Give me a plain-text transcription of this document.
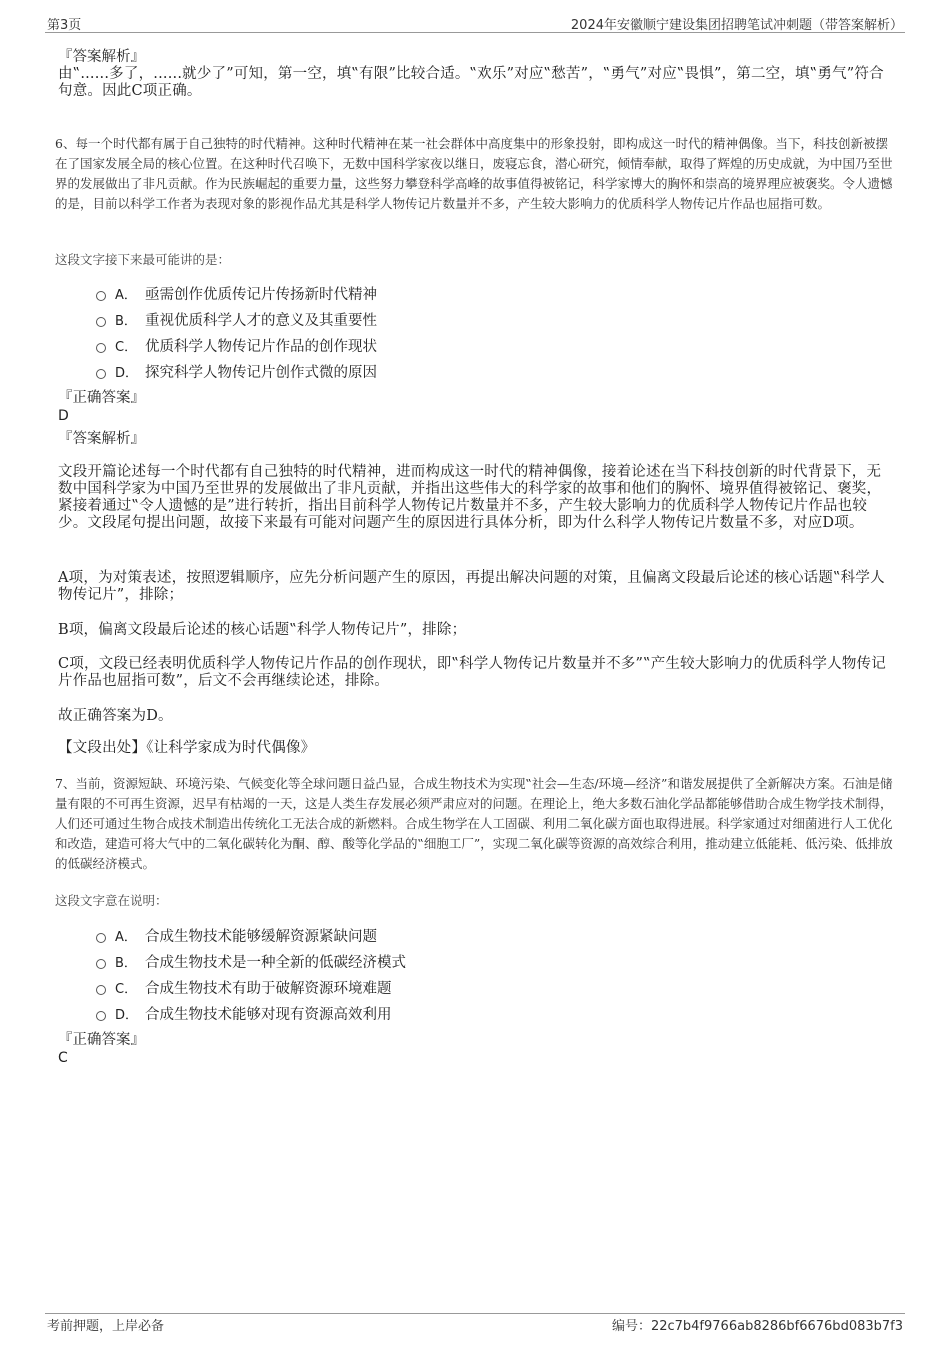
第3页	2024年安徽顺宁建设集团招聘笔试冲刺题（带答案解析）
『答案解析』
由‟......多了，......就少了”可知，第一空，填‟有限”比较合适。‟欢乐”对应‟愁苦”，‟勇气”对应‟畏惧”，第二空，填‟勇气”符合句意。因此C项正确。
6、每一个时代都有属于自己独特的时代精神。这种时代精神在某一社会群体中高度集中的形象投射，即构成这一时代的精神偶像。当下，科技创新被摆在了国家发展全局的核心位置。在这种时代召唤下，无数中国科学家夜以继日，废寝忘食，潜心研究，倾情奉献，取得了辉煌的历史成就，为中国乃至世界的发展做出了非凡贡献。作为民族崛起的重要力量，这些努力攀登科学高峰的故事值得被铭记，科学家博大的胸怀和崇高的境界理应被褒奖。令人遗憾的是，目前以科学工作者为表现对象的影视作品尤其是科学人物传记片数量并不多，产生较大影响力的优质科学人物传记片作品也屈指可数。
这段文字接下来最可能讲的是：
A． 亟需创作优质传记片传扬新时代精神
B． 重视优质科学人才的意义及其重要性
C． 优质科学人物传记片作品的创作现状
D． 探究科学人物传记片创作式微的原因
『正确答案』
D
『答案解析』
文段开篇论述每一个时代都有自己独特的时代精神，进而构成这一时代的精神偶像，接着论述在当下科技创新的时代背景下，无数中国科学家为中国乃至世界的发展做出了非凡贡献，并指出这些伟大的科学家的故事和他们的胸怀、境界值得被铭记、褒奖，紧接着通过‟令人遗憾的是”进行转折，指出目前科学人物传记片数量并不多，产生较大影响力的优质科学人物传记片作品也较少。文段尾句提出问题，故接下来最有可能对问题产生的原因进行具体分析，即为什么科学人物传记片数量不多，对应D项。
A项，为对策表述，按照逻辑顺序，应先分析问题产生的原因，再提出解决问题的对策，且偏离文段最后论述的核心话题‟科学人物传记片”，排除；
B项，偏离文段最后论述的核心话题‟科学人物传记片”，排除；
C项，文段已经表明优质科学人物传记片作品的创作现状，即‟科学人物传记片数量并不多”‟产生较大影响力的优质科学人物传记片作品也屈指可数”，后文不会再继续论述，排除。
故正确答案为D。
【文段出处】《让科学家成为时代偶像》
7、当前，资源短缺、环境污染、气候变化等全球问题日益凸显，合成生物技术为实现‟社会—生态/环境—经济”和谐发展提供了全新解决方案。石油是储量有限的不可再生资源，迟早有枯竭的一天，这是人类生存发展必须严肃应对的问题。在理论上，绝大多数石油化学品都能够借助合成生物学技术制得，人们还可通过生物合成技术制造出传统化工无法合成的新燃料。合成生物学在人工固碳、利用二氧化碳方面也取得进展。科学家通过对细菌进行人工优化和改造，建造可将大气中的二氧化碳转化为酮、醇、酸等化学品的‟细胞工厂”，实现二氧化碳等资源的高效综合利用，推动建立低能耗、低污染、低排放的低碳经济模式。
这段文字意在说明：
A． 合成生物技术能够缓解资源紧缺问题
B． 合成生物技术是一种全新的低碳经济模式
C． 合成生物技术有助于破解资源环境难题
D． 合成生物技术能够对现有资源高效利用
『正确答案』
C
考前押题，上岸必备	编号：22c7b4f9766ab8286bf6676bd083b7f3
